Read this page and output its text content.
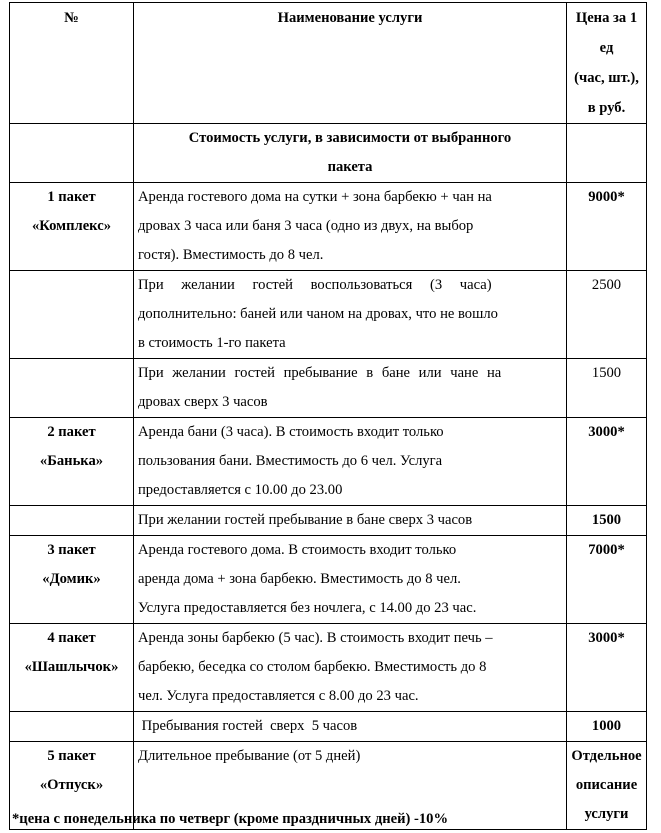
№	Наименование услуги	Цена за 1
ед
(час, шт.),
в руб.

	Стоимость услуги, в зависимости от выбранного
пакета	

1 пакет
«Комплекс»	Аренда гостевого дома на сутки + зона барбекю + чан на
дровах 3 часа или баня 3 часа (одно из двух, на выбор
гостя). Вместимость до 8 чел.	9000*

	При желании гостей воспользоваться (3 часа)
дополнительно: баней или чаном на дровах, что не вошло
в стоимость 1-го пакета	2500

	При желании гостей пребывание в бане или чане на
дровах сверх 3 часов	1500

2 пакет
«Банька»	Аренда бани (3 часа). В стоимость входит только
пользования бани. Вместимость до 6 чел. Услуга
предоставляется с 10.00 до 23.00	3000*

	При желании гостей пребывание в бане сверх 3 часов	1500

3 пакет
«Домик»	Аренда гостевого дома. В стоимость входит только
аренда дома + зона барбекю. Вместимость до 8 чел.
Услуга предоставляется без ночлега, с 14.00 до 23 час.	7000*

4 пакет
«Шашлычок»	Аренда зоны барбекю (5 час). В стоимость входит печь –
барбекю, беседка со столом барбекю. Вместимость до 8
чел. Услуга предоставляется с 8.00 до 23 час.	3000*

	Пребывания гостей  сверх  5 часов	1000

5 пакет
«Отпуск»	Длительное пребывание (от 5 дней)	Отдельное
описание
услуги
*цена с понедельника по четверг (кроме праздничных дней) -10%
